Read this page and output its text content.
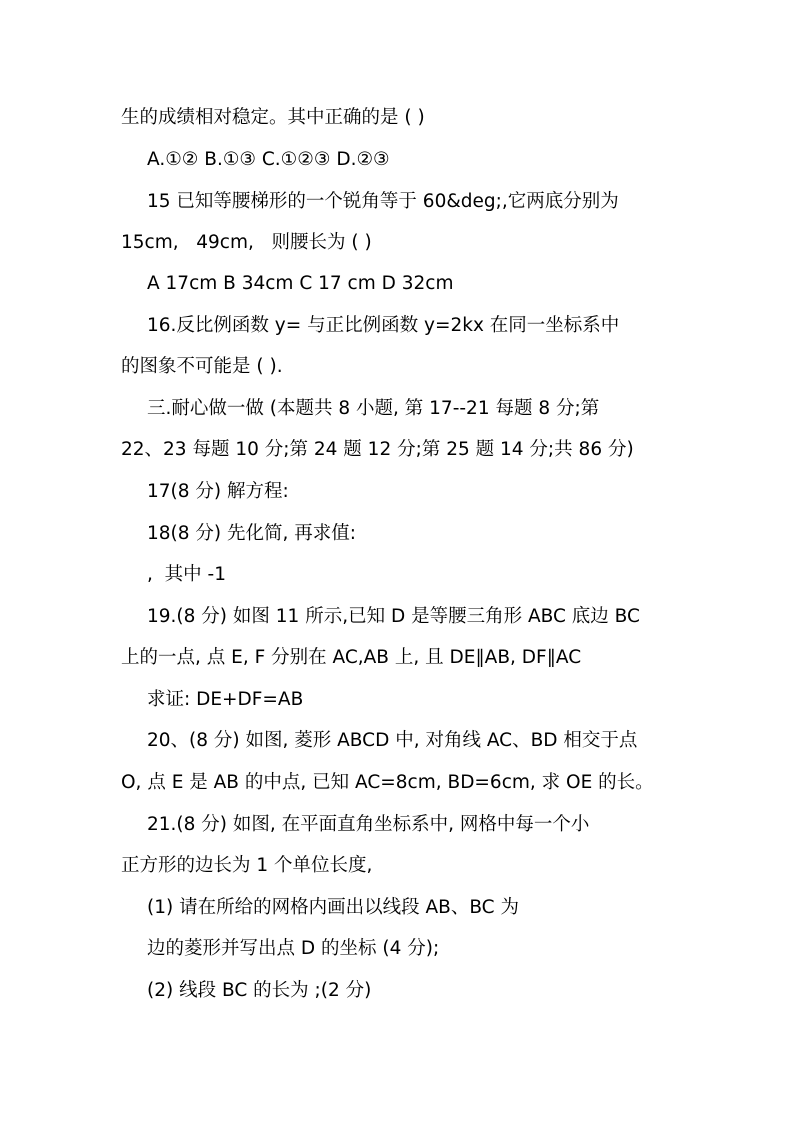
生的成绩相对稳定。其中正确的是 ( )
A.①② B.①③ C.①②③ D.②③
15 已知等腰梯形的一个锐角等于 60&deg;,它两底分别为
15cm,   49cm,   则腰长为 ( )
A 17cm B 34cm C 17 cm D 32cm
16.反比例函数 y= 与正比例函数 y=2kx 在同一坐标系中
的图象不可能是 ( ).
三.耐心做一做 (本题共 8 小题, 第 17--21 每题 8 分;第
22、23 每题 10 分;第 24 题 12 分;第 25 题 14 分;共 86 分)
17(8 分) 解方程:
18(8 分) 先化简, 再求值:
,  其中 -1
19.(8 分) 如图 11 所示,已知 D 是等腰三角形 ABC 底边 BC
上的一点, 点 E, F 分别在 AC,AB 上, 且 DE∥AB, DF∥AC
求证: DE+DF=AB
20、(8 分) 如图, 菱形 ABCD 中, 对角线 AC、BD 相交于点
O, 点 E 是 AB 的中点, 已知 AC=8cm, BD=6cm, 求 OE 的长。
21.(8 分) 如图, 在平面直角坐标系中, 网格中每一个小
正方形的边长为 1 个单位长度,
(1) 请在所给的网格内画出以线段 AB、BC 为
边的菱形并写出点 D 的坐标 (4 分);
(2) 线段 BC 的长为 ;(2 分)
